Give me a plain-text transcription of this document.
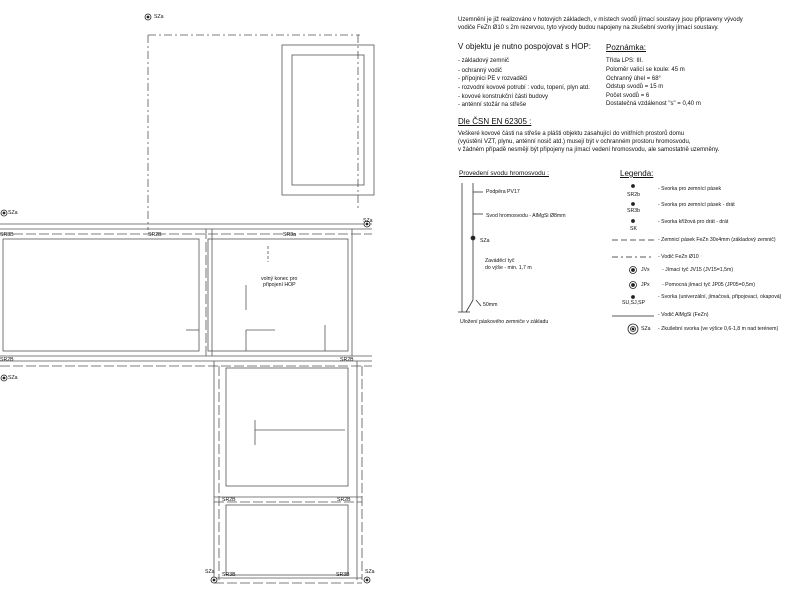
SZa
SZa
SZa
SZa
SZa	SZa
SR3B	SR2B
SR2B
SR3a
SR2B
SR2B	SR2B
SR3B	SR3B
volný konec pro
připojení HOP
Uzemnění je již realizováno v hotových základech, v místech svodů jímací soustavy jsou připraveny vývody
vodiče FeZn Ø10 s 2m rezervou, tyto vývody budou napojeny na zkušební svorky jímací soustavy.
V objektu je nutno pospojovat s HOP:
- základový zemnič
- ochranný vodič
- přípojnici PE v rozvaděči
- rozvodní kovové potrubí : vodu, topení, plyn atd.
- kovové konstrukční části budovy
- anténní stožár na střeše
Poznámka:
Třída LPS: III.
Poloměr valící se koule: 45 m
Ochranný úhel = 68°
Odstup svodů = 15 m
Počet svodů = 6
Dostatečná vzdálenost "s" = 0,40 m
Dle ČSN EN 62305 :
Veškeré kovové části na střeše a plášti objektu zasahující do vnitřních prostorů domu
(vyústění VZT, plynu, anténní nosič atd.) musejí být v ochranném prostoru hromosvodu,
v žádném případě nesmějí být připojeny na jímací vedení hromosvodu, ale samostatně uzemněny.
Provedení svodu hromosvodu :
Podpěra PV17
Svod hromosvodu - AlMgSi Ø8mm
SZa
Zaváděcí tyč
do výše - min. 1,7 m
50mm
Uložení páskového zemniče v základu
Legenda:
SR2b
- Svorka pro zemnící pásek
SR3b
- Svorka pro zemnící pásek - drát
SK
- Svorka křížová pro drát - drát
- Zemnicí pásek FeZn 30x4mm (základový zemnič)
- Vodič FeZn Ø10
JVx - Jímací tyč JV15 (JV15=1,5m)
JPx - Pomocná jímací tyč JP05 (JP05=0,5m)
SU,SJ,SP
- Svorka (univerzální, jímačová, připojovací, okapová)
- Vodič AlMgSi (FeZn)
SZa - Zkušební svorka (ve výšce 0,6-1,8 m nad terénem)
